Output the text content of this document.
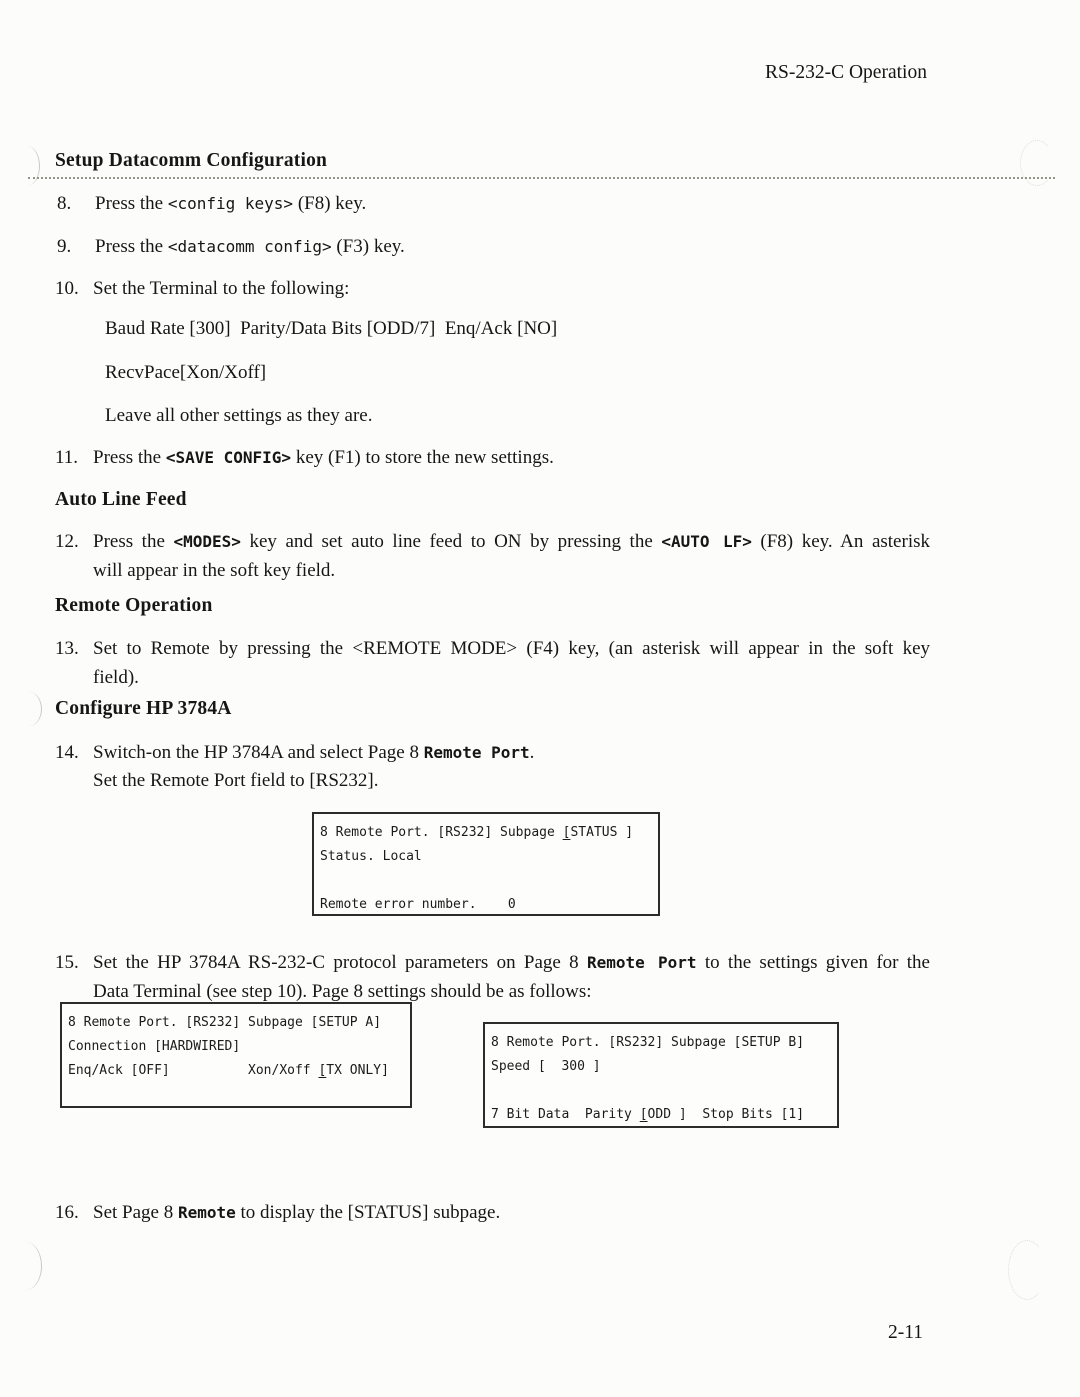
RS-232-C Operation
Setup Datacomm Configuration
8.	Press the <config keys> (F8) key.
9.	Press the <datacomm config> (F3) key.
10. Set the Terminal to the following:
Baud Rate [300]  Parity/Data Bits [ODD/7]  Enq/Ack [NO]
RecvPace[Xon/Xoff]
Leave all other settings as they are.
11. Press the <SAVE CONFIG> key (F1) to store the new settings.
Auto Line Feed
12. Press the <MODES> key and set auto line feed to ON by pressing the <AUTO LF> (F8) key. An asterisk
will appear in the soft key field.
Remote Operation
13. Set to Remote by pressing the <REMOTE MODE> (F4) key, (an asterisk will appear in the soft key
field).
Configure HP 3784A
14. Switch-on the HP 3784A and select Page 8 Remote Port.
Set the Remote Port field to [RS232].
8 Remote Port. [RS232] Subpage [STATUS ]
Status. Local
Remote error number.    0
15. Set the HP 3784A RS-232-C protocol parameters on Page 8 Remote Port to the settings given for the
Data Terminal (see step 10). Page 8 settings should be as follows:
8 Remote Port. [RS232] Subpage [SETUP A]
Connection [HARDWIRED]
Enq/Ack [OFF]          Xon/Xoff [TX ONLY]
8 Remote Port. [RS232] Subpage [SETUP B]
Speed [  300 ]
7 Bit Data  Parity [ODD ]  Stop Bits [1]
16. Set Page 8 Remote to display the [STATUS] subpage.
2-11
